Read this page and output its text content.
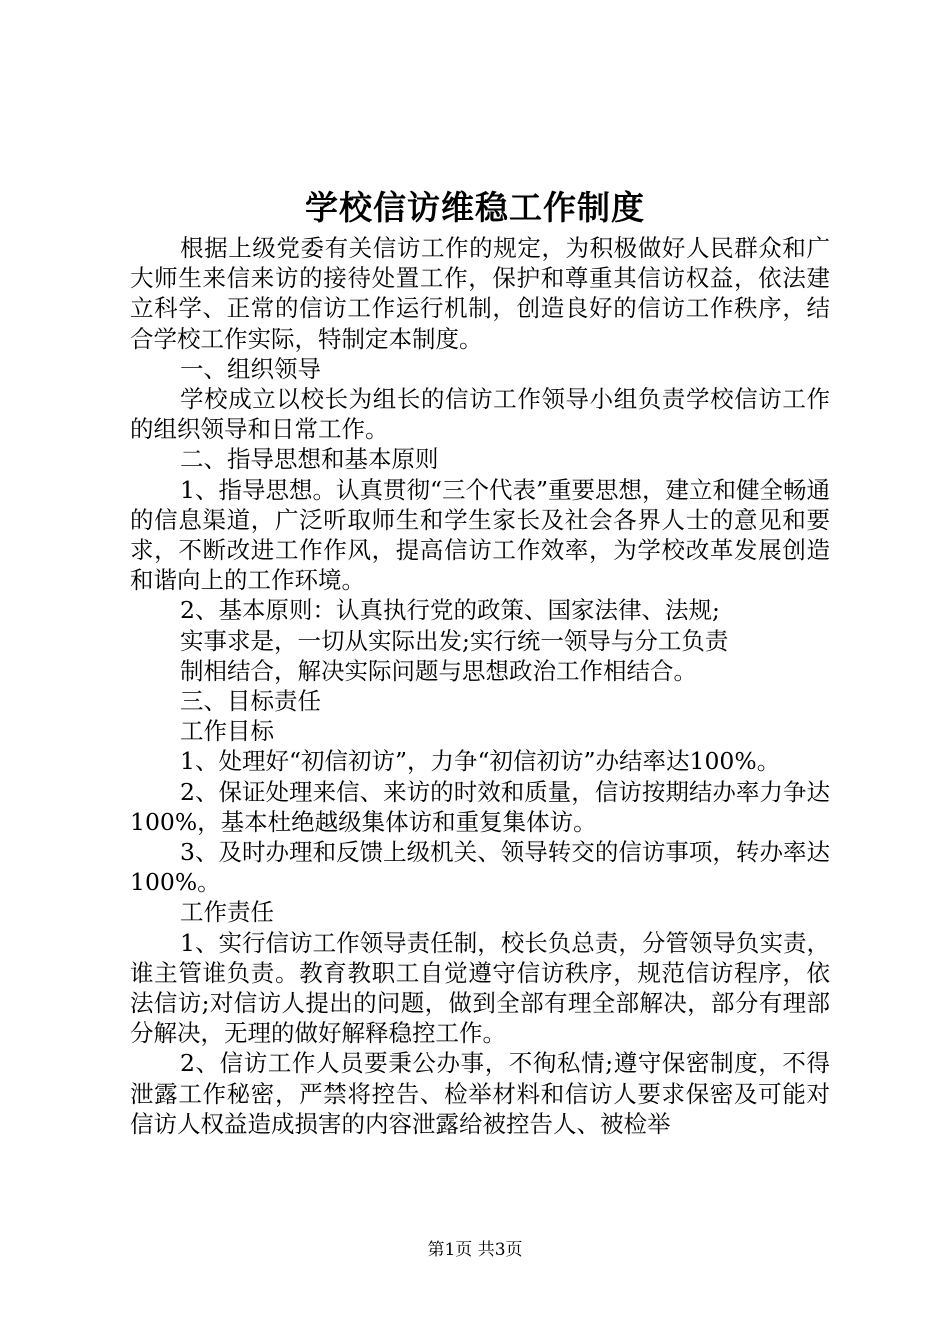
学校信访维稳工作制度

根据上级党委有关信访工作的规定，为积极做好人民群众和广大师生来信来访的接待处置工作，保护和尊重其信访权益，依法建立科学、正常的信访工作运行机制，创造良好的信访工作秩序，结合学校工作实际，特制定本制度。

一、组织领导

学校成立以校长为组长的信访工作领导小组负责学校信访工作的组织领导和日常工作。

二、指导思想和基本原则

1、指导思想。认真贯彻“三个代表”重要思想，建立和健全畅通的信息渠道，广泛听取师生和学生家长及社会各界人士的意见和要求，不断改进工作作风，提高信访工作效率，为学校改革发展创造和谐向上的工作环境。

2、基本原则：认真执行党的政策、国家法律、法规;

实事求是，一切从实际出发;实行统一领导与分工负责

制相结合，解决实际问题与思想政治工作相结合。

三、目标责任

工作目标

1、处理好“初信初访”，力争“初信初访”办结率达100%。

2、保证处理来信、来访的时效和质量，信访按期结办率力争达100%，基本杜绝越级集体访和重复集体访。

3、及时办理和反馈上级机关、领导转交的信访事项，转办率达100%。

工作责任

1、实行信访工作领导责任制，校长负总责，分管领导负实责，谁主管谁负责。教育教职工自觉遵守信访秩序，规范信访程序，依法信访;对信访人提出的问题，做到全部有理全部解决，部分有理部分解决，无理的做好解释稳控工作。

2、信访工作人员要秉公办事，不徇私情;遵守保密制度，不得泄露工作秘密，严禁将控告、检举材料和信访人要求保密及可能对信访人权益造成损害的内容泄露给被控告人、被检举

第1页 共3页
